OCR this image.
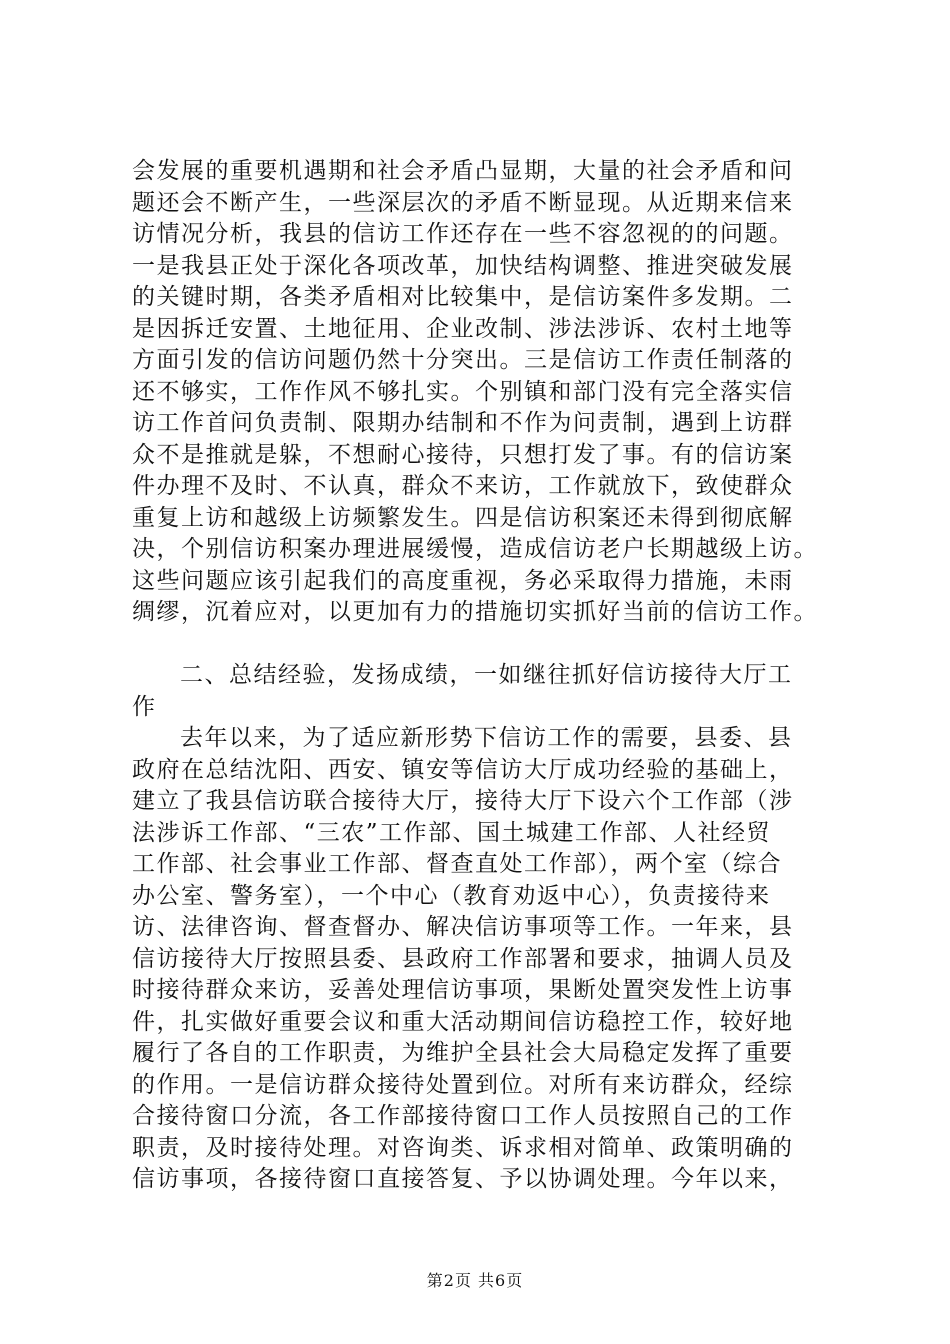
会发展的重要机遇期和社会矛盾凸显期，大量的社会矛盾和问
题还会不断产生，一些深层次的矛盾不断显现。从近期来信来
访情况分析，我县的信访工作还存在一些不容忽视的的问题。
一是我县正处于深化各项改革，加快结构调整、推进突破发展
的关键时期，各类矛盾相对比较集中，是信访案件多发期。二
是因拆迁安置、土地征用、企业改制、涉法涉诉、农村土地等
方面引发的信访问题仍然十分突出。三是信访工作责任制落的
还不够实，工作作风不够扎实。个别镇和部门没有完全落实信
访工作首问负责制、限期办结制和不作为问责制，遇到上访群
众不是推就是躲，不想耐心接待，只想打发了事。有的信访案
件办理不及时、不认真，群众不来访，工作就放下，致使群众
重复上访和越级上访频繁发生。四是信访积案还未得到彻底解
决，个别信访积案办理进展缓慢，造成信访老户长期越级上访。
这些问题应该引起我们的高度重视，务必采取得力措施，未雨
绸缪，沉着应对，以更加有力的措施切实抓好当前的信访工作。
二、总结经验，发扬成绩，一如继往抓好信访接待大厅工
作
去年以来，为了适应新形势下信访工作的需要，县委、县
政府在总结沈阳、西安、镇安等信访大厅成功经验的基础上，
建立了我县信访联合接待大厅，接待大厅下设六个工作部（涉
法涉诉工作部、“三农”工作部、国土城建工作部、人社经贸
工作部、社会事业工作部、督查直处工作部），两个室（综合
办公室、警务室），一个中心（教育劝返中心），负责接待来
访、法律咨询、督查督办、解决信访事项等工作。一年来，县
信访接待大厅按照县委、县政府工作部署和要求，抽调人员及
时接待群众来访，妥善处理信访事项，果断处置突发性上访事
件，扎实做好重要会议和重大活动期间信访稳控工作，较好地
履行了各自的工作职责，为维护全县社会大局稳定发挥了重要
的作用。一是信访群众接待处置到位。对所有来访群众，经综
合接待窗口分流，各工作部接待窗口工作人员按照自己的工作
职责，及时接待处理。对咨询类、诉求相对简单、政策明确的
信访事项，各接待窗口直接答复、予以协调处理。今年以来，
第2页 共6页
